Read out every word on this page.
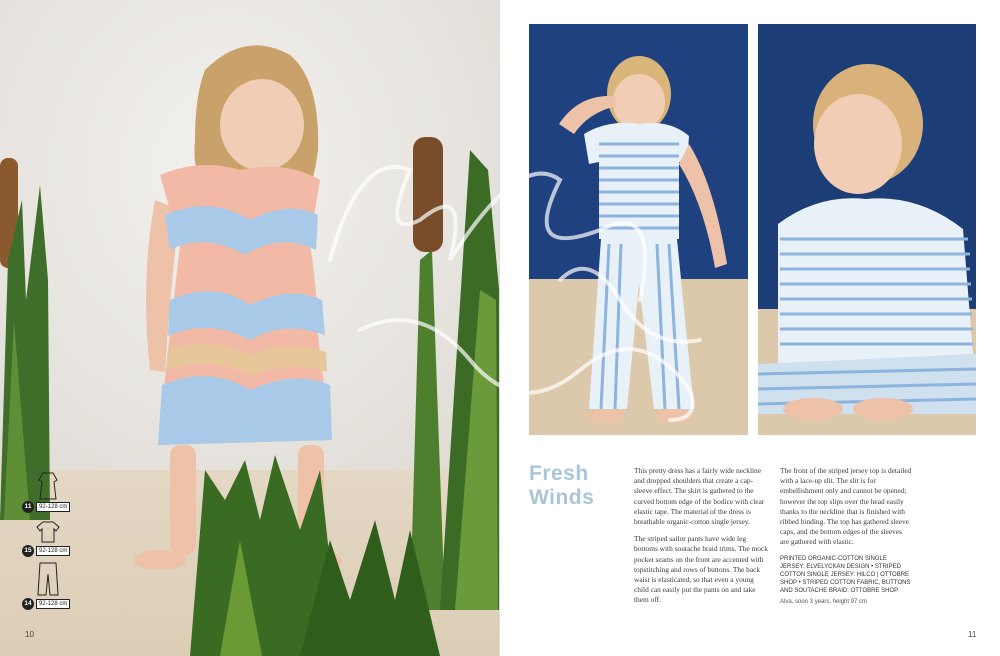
11	92-128 cm
15	92-128 cm
14	92-128 cm
10
Fresh
Winds

This pretty dress has a fairly wide neckline and dropped shoulders that create a cap-sleeve effect. The skirt is gathered to the curved bottom edge of the bodice with clear elastic tape. The material of the dress is breathable organic-cotton single jersey.

The striped sailor pants have wide leg bottoms with soutache braid trims. The mock pocket seams on the front are accented with topstitching and rows of buttons. The back waist is elasticated, so that even a young child can easily put the pants on and take them off.

The front of the striped jersey top is detailed with a lace-up slit. The slit is for embellishment only and cannot be opened; however the top slips over the head easily thanks to the neckline that is finished with ribbed binding. The top has gathered sleeve caps, and the bottom edges of the sleeves are gathered with elastic.

PRINTED ORGANIC-COTTON SINGLE JERSEY: ELVELYCKAN DESIGN • STRIPED COTTON SINGLE JERSEY: HILCO | OTTOBRE SHOP • STRIPED COTTON FABRIC, BUTTONS AND SOUTACHE BRAID: OTTOBRE SHOP
Alva, soon 3 years, height 97 cm
11
